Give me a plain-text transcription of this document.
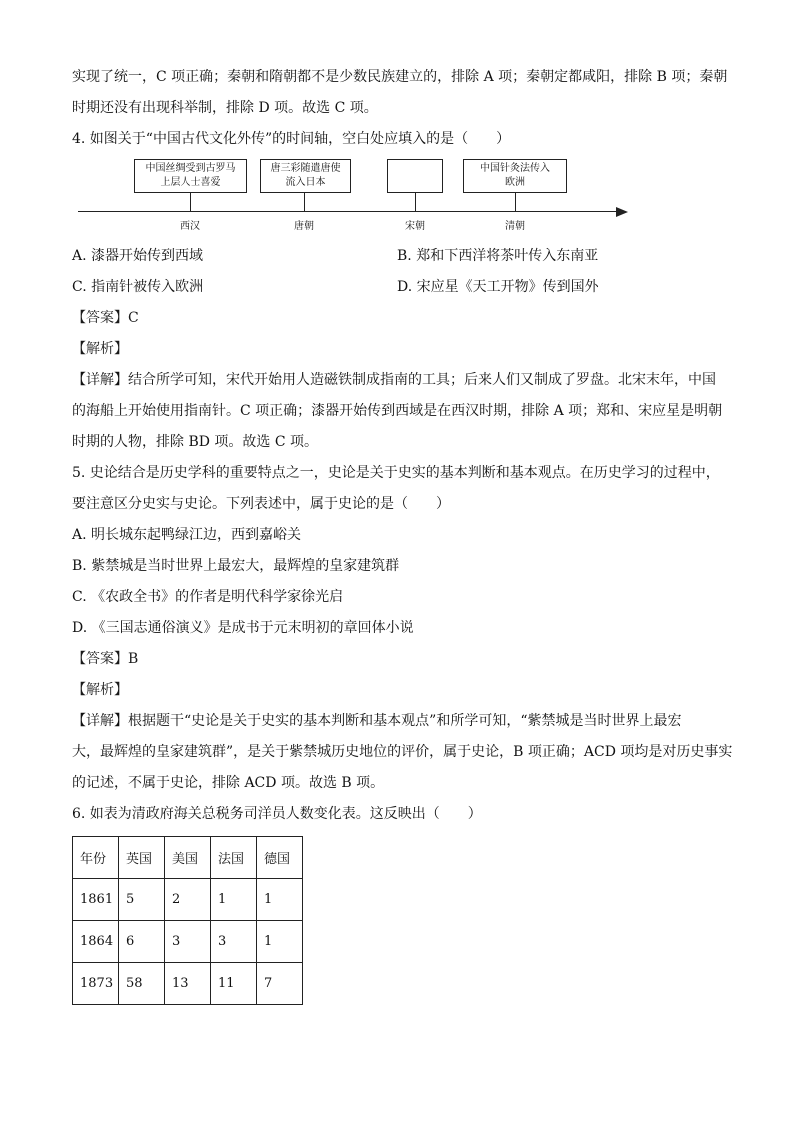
实现了统一，C 项正确；秦朝和隋朝都不是少数民族建立的，排除 A 项；秦朝定都咸阳，排除 B 项；秦朝
时期还没有出现科举制，排除 D 项。故选 C 项。
4. 如图关于“中国古代文化外传”的时间轴，空白处应填入的是（　　）
中国丝绸受到古罗马
上层人士喜爱
唐三彩随遣唐使
流入日本
中国针灸法传入
欧洲
西汉	唐朝	宋朝	清朝
A. 漆器开始传到西域	B. 郑和下西洋将茶叶传入东南亚
C. 指南针被传入欧洲	D. 宋应星《天工开物》传到国外
【答案】C
【解析】
【详解】结合所学可知，宋代开始用人造磁铁制成指南的工具；后来人们又制成了罗盘。北宋末年，中国
的海船上开始使用指南针。C 项正确；漆器开始传到西域是在西汉时期，排除 A 项；郑和、宋应星是明朝
时期的人物，排除 BD 项。故选 C 项。
5. 史论结合是历史学科的重要特点之一，史论是关于史实的基本判断和基本观点。在历史学习的过程中，
要注意区分史实与史论。下列表述中，属于史论的是（　　）
A. 明长城东起鸭绿江边，西到嘉峪关
B. 紫禁城是当时世界上最宏大，最辉煌的皇家建筑群
C. 《农政全书》的作者是明代科学家徐光启
D. 《三国志通俗演义》是成书于元末明初的章回体小说
【答案】B
【解析】
【详解】根据题干“史论是关于史实的基本判断和基本观点”和所学可知，“紫禁城是当时世界上最宏
大，最辉煌的皇家建筑群”，是关于紫禁城历史地位的评价，属于史论，B 项正确；ACD 项均是对历史事实
的记述，不属于史论，排除 ACD 项。故选 B 项。
6. 如表为清政府海关总税务司洋员人数变化表。这反映出（　　）
年份	英国	美国	法国	德国
1861	5	2	1	1
1864	6	3	3	1
1873	58	13	11	7
